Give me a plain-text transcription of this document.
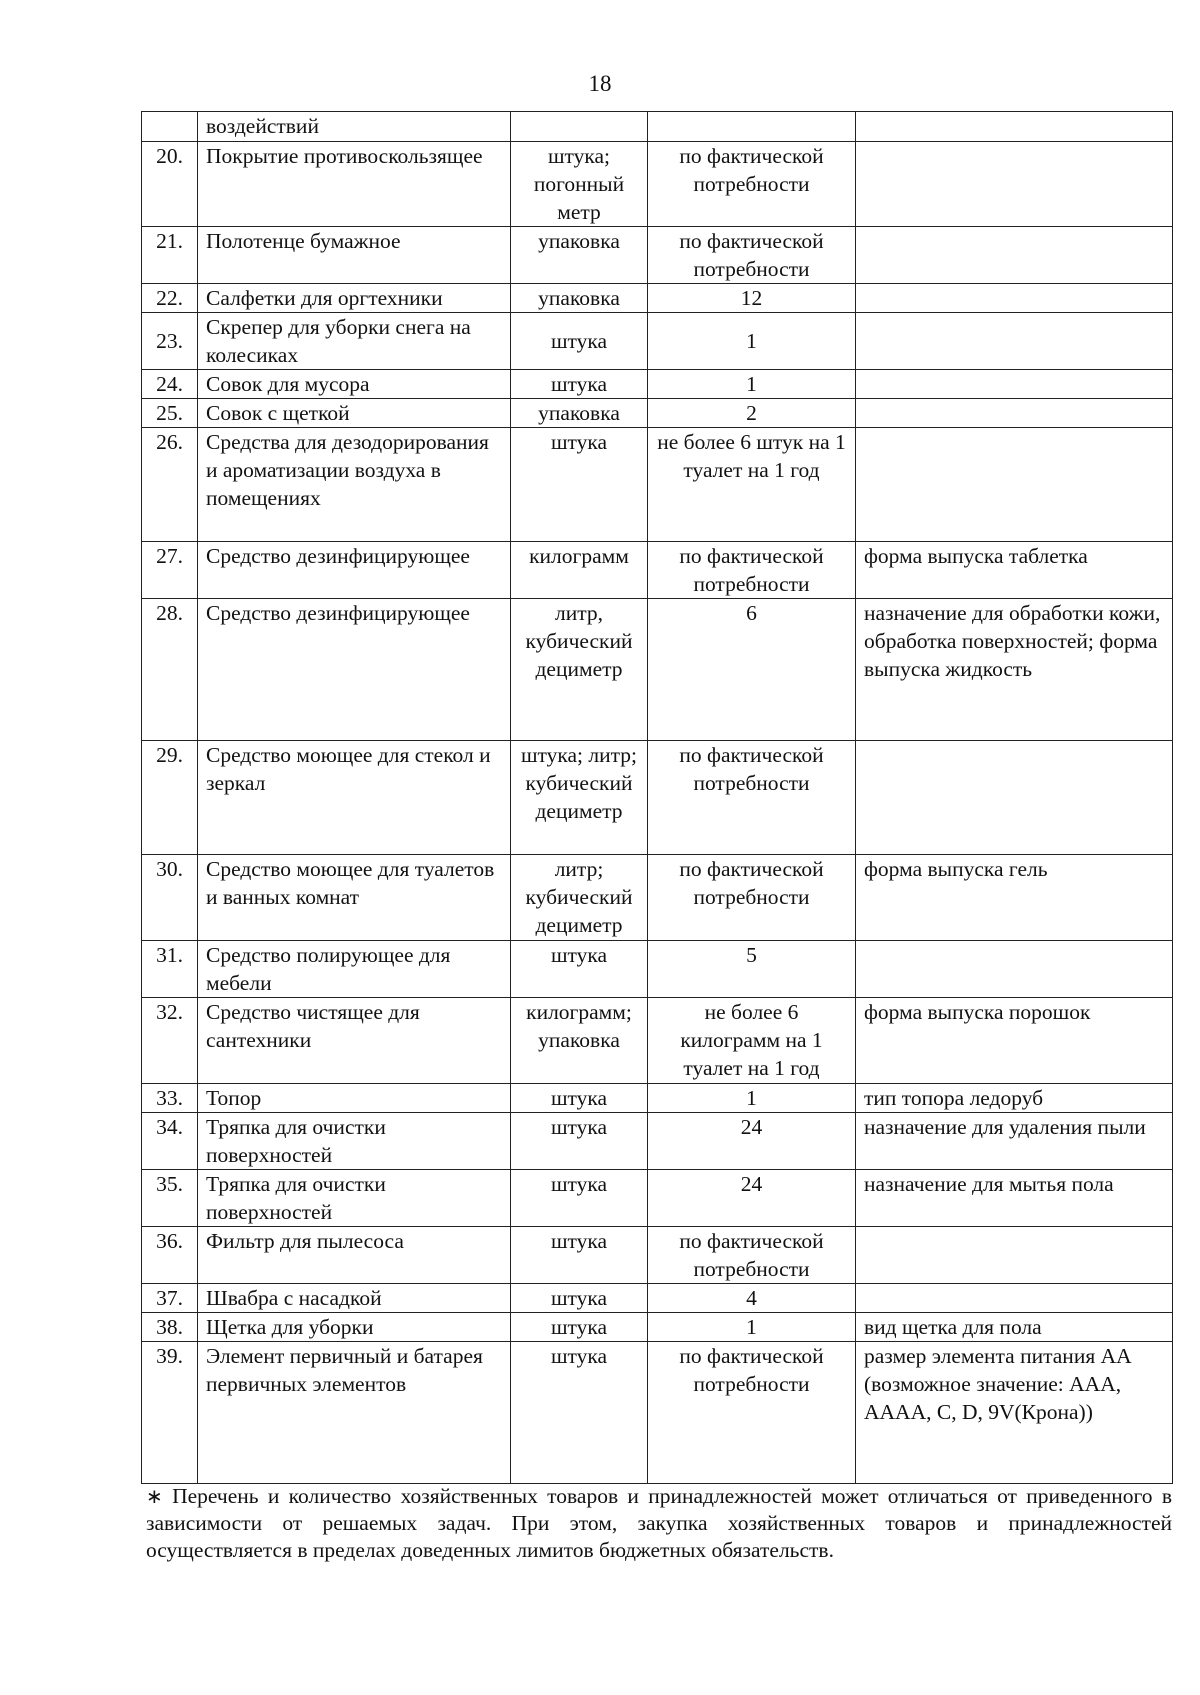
18
	воздействий			
20.	Покрытие противоскользящее	штука; погонный метр	по фактической потребности	
21.	Полотенце бумажное	упаковка	по фактической потребности	
22.	Салфетки для оргтехники	упаковка	12	
23.	Скрепер для уборки снега на колесиках	штука	1	
24.	Совок для мусора	штука	1	
25.	Совок с щеткой	упаковка	2	
26.	Средства для дезодорирования и ароматизации воздуха в помещениях	штука	не более 6 штук на 1 туалет на 1 год	
27.	Средство дезинфицирующее	килограмм	по фактической потребности	форма выпуска таблетка
28.	Средство дезинфицирующее	литр, кубический дециметр	6	назначение для обработки кожи, обработка поверхностей; форма выпуска жидкость
29.	Средство моющее для стекол и зеркал	штука; литр; кубический дециметр	по фактической потребности	
30.	Средство моющее для туалетов и ванных комнат	литр; кубический дециметр	по фактической потребности	форма выпуска гель
31.	Средство полирующее для мебели	штука	5	
32.	Средство чистящее для сантехники	килограмм; упаковка	не более 6 килограмм на 1 туалет на 1 год	форма выпуска порошок
33.	Топор	штука	1	тип топора ледоруб
34.	Тряпка для очистки поверхностей	штука	24	назначение для удаления пыли
35.	Тряпка для очистки поверхностей	штука	24	назначение для мытья пола
36.	Фильтр для пылесоса	штука	по фактической потребности	
37.	Швабра с насадкой	штука	4	
38.	Щетка для уборки	штука	1	вид щетка для пола
39.	Элемент первичный и батарея первичных элементов	штука	по фактической потребности	размер элемента питания АА (возможное значение: ААА, АААА, С, D, 9V(Крона))
∗ Перечень и количество хозяйственных товаров и принадлежностей может отличаться от приведенного в зависимости от решаемых задач. При этом, закупка хозяйственных товаров и принадлежностей осуществляется в пределах доведенных лимитов бюджетных обязательств.
